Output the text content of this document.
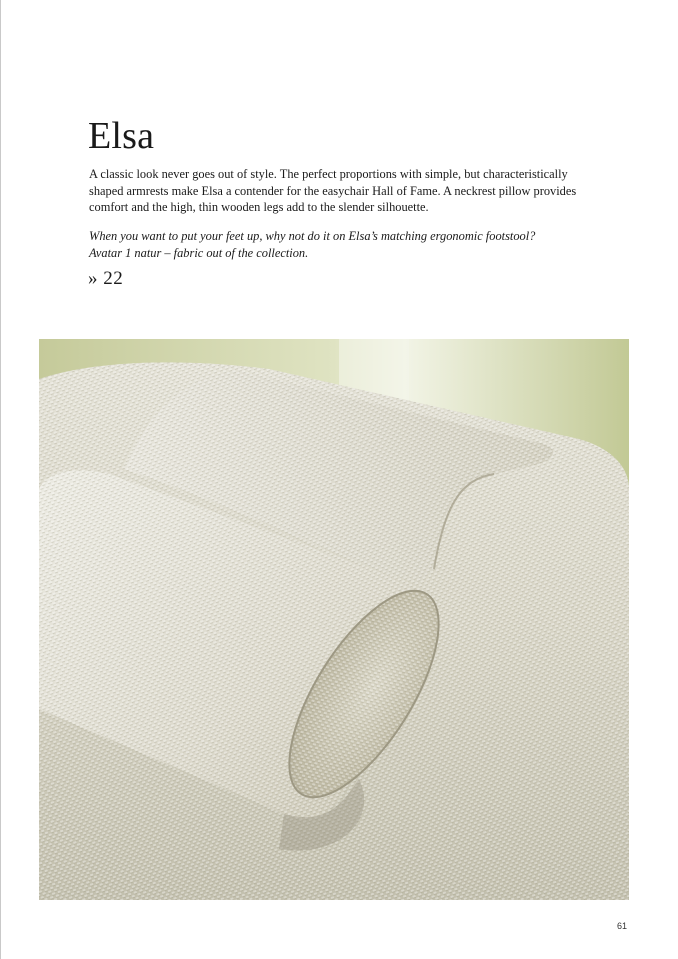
Elsa

A classic look never goes out of style. The perfect proportions with simple, but characteristically
shaped armrests make Elsa a contender for the easychair Hall of Fame. A neckrest pillow provides
comfort and the high, thin wooden legs add to the slender silhouette.

When you want to put your feet up, why not do it on Elsa’s matching ergonomic footstool?
Avatar 1 natur – fabric out of the collection.

» 22
61
